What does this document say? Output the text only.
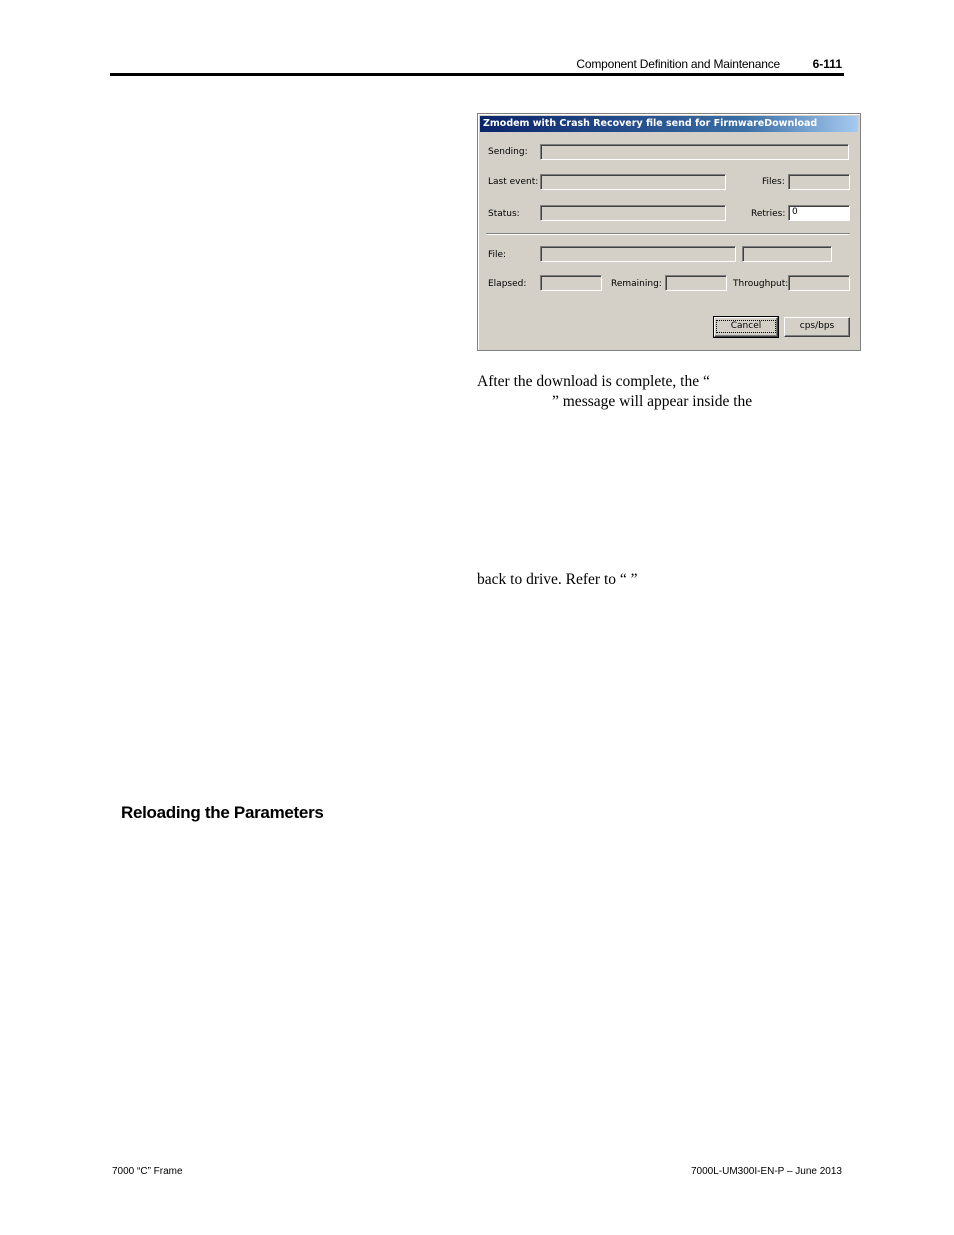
Component Definition and Maintenance	6-111
Zmodem with Crash Recovery file send for FirmwareDownload
Sending:
Last event:	Files:
Status:	Retries: 0
File:
Elapsed:	Remaining:	Throughput:
Cancel	cps/bps
After the download is complete, the “
” message will appear inside the
back to drive. Refer to “ ”
Reloading the Parameters
7000 “C” Frame	7000L-UM300I-EN-P – June 2013
